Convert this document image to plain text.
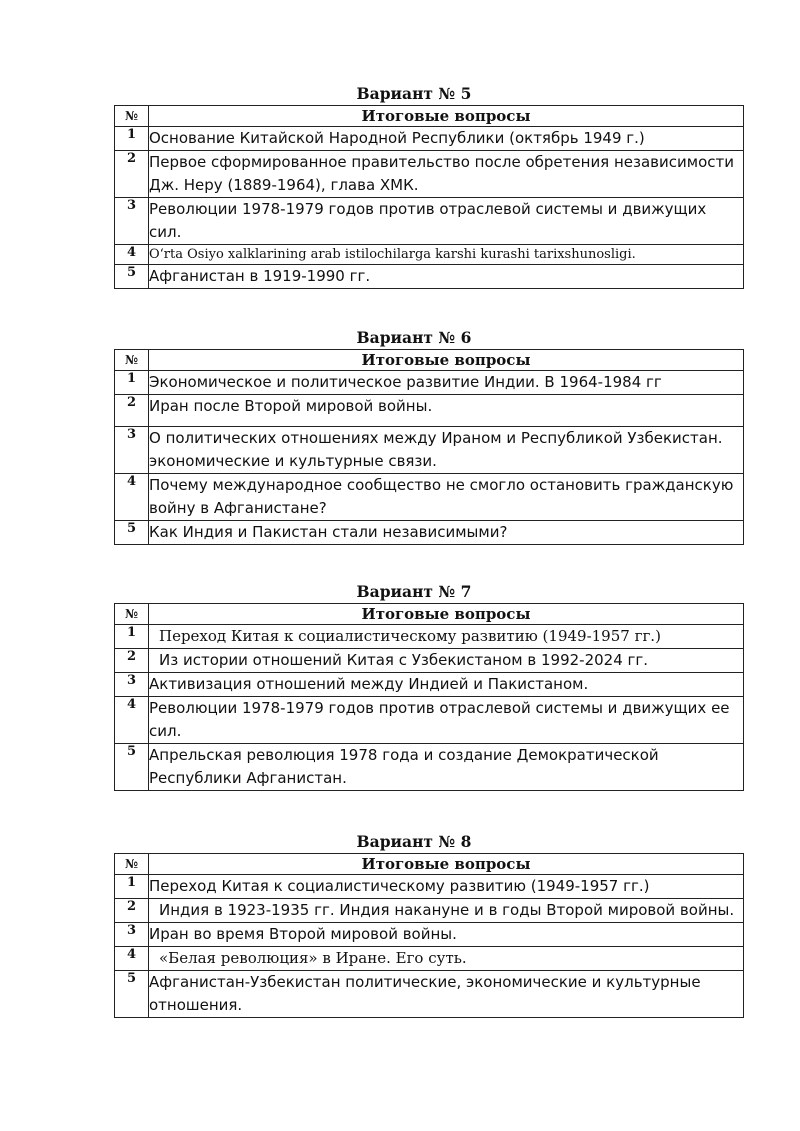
Вариант № 5
№	Итоговые вопросы
1	Основание Китайской Народной Республики (октябрь 1949 г.)
2	Первое сформированное правительство после обретения независимости Дж. Неру (1889-1964), глава ХМК.
3	Революции 1978-1979 годов против отраслевой системы и движущих сил.
4	O‘rta Osiyo xalklarining arab istilochilarga karshi kurashi tarixshunosligi.
5	Афганистан в 1919-1990 гг.
Вариант № 6
№	Итоговые вопросы
1	Экономическое и политическое развитие Индии. В 1964-1984 гг
2	Иран после Второй мировой войны.
3	О политических отношениях между Ираном и Республикой Узбекистан. экономические и культурные связи.
4	Почему международное сообщество не смогло остановить гражданскую войну в Афганистане?
5	Как Индия и Пакистан стали независимыми?
Вариант № 7
№	Итоговые вопросы
1	Переход Китая к социалистическому развитию (1949-1957 гг.)
2	Из истории отношений Китая с Узбекистаном в 1992-2024 гг.
3	Активизация отношений между Индией и Пакистаном.
4	Революции 1978-1979 годов против отраслевой системы и движущих ее сил.
5	Апрельская революция 1978 года и создание Демократической Республики Афганистан.
Вариант № 8
№	Итоговые вопросы
1	Переход Китая к социалистическому развитию (1949-1957 гг.)
2	Индия в 1923-1935 гг. Индия накануне и в годы Второй мировой войны.
3	Иран во время Второй мировой войны.
4	«Белая революция» в Иране. Его суть.
5	Афганистан-Узбекистан политические, экономические и культурные отношения.
